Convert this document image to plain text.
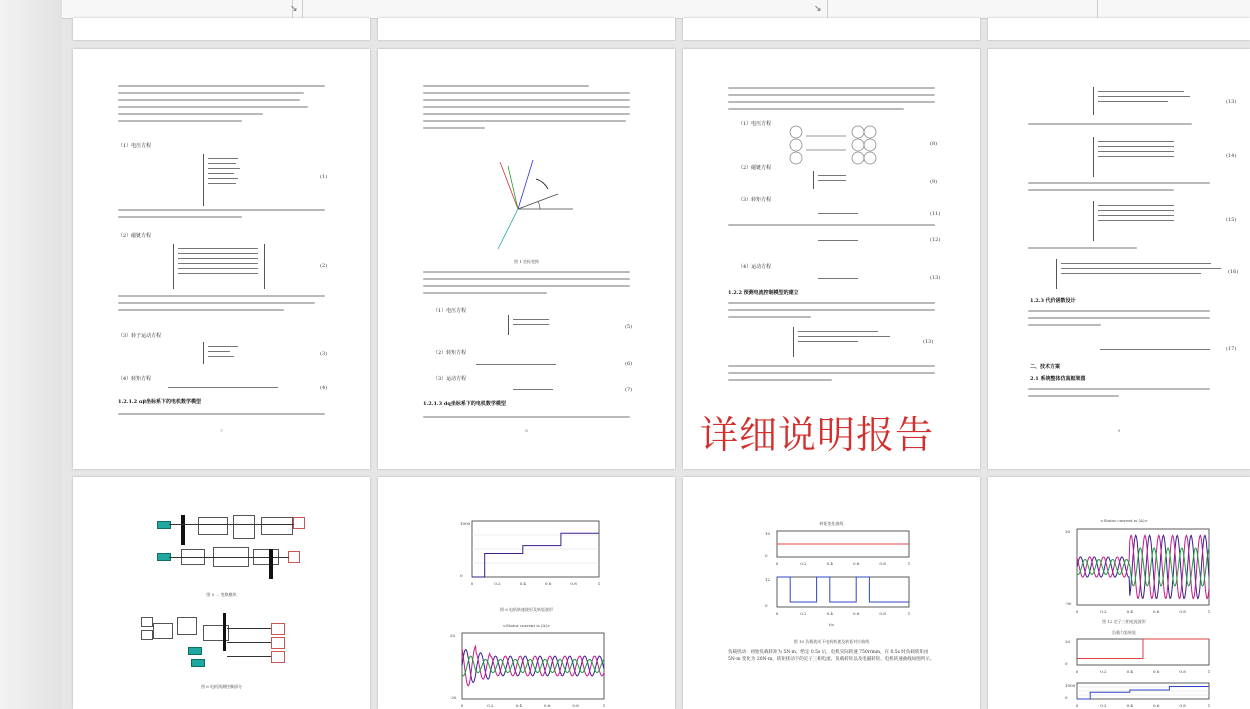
↘	↘
（1）电压方程
(1)
（2）磁链方程
(2)
（3）转子运动方程
(3)
（4）转矩方程
(4)
1.2.1.2 αβ坐标系下的电机数学模型
7
图 1 坐标变换
（1）电压方程
(5)
（2）转矩方程
(6)
（3）运动方程
(7)
1.2.1.3 dq坐标系下的电机数学模型
8
（1）电压方程
(8)
（2）磁链方程
(9)
（3）转矩方程
(11)
(12)
（4）运动方程
(13)
1.2.2 预测电流控制模型的建立
(13)
(13)
(14)
(15)
(16)
1.2.3 代价函数设计
(17)
二、技术方案
2.1 系统整体仿真框架图
9
图 5 ... 变换模块
图 6 电机预测控制部分
0	0.2	0.4	0.6	0.8	1
1000
0
图 6 电机转速波形及转矩波形
<Stator current is (A)>
0	0.2	0.4	0.6	0.8	1
20
-20
转矩变化曲线
0	0.2	0.4	0.6	0.8	1
10
0
0	0.2	0.4	0.6	0.8	1
12
0
t/s
图 10 负载扰动下电机转速及转矩对应曲线
负载扰动：初始负载转矩为 5N·m，给定 0.5s 后，电机实际转速 750r/min，在 0.5s 时负载转矩由 5N·m 变化为 20N·m，转矩扰动下的定子三相电流、负载转矩以及电磁转矩、电机转速曲线如图所示。
<Stator current is (A)>
0	0.2	0.4	0.6	0.8	1
30
-30
图 12 定子三相电流波形
负载力矩转矩
0	0.2	0.4	0.6	0.8	1
20
0
0	0.2	0.4	0.6	0.8	1
1000
0
详细说明报告
